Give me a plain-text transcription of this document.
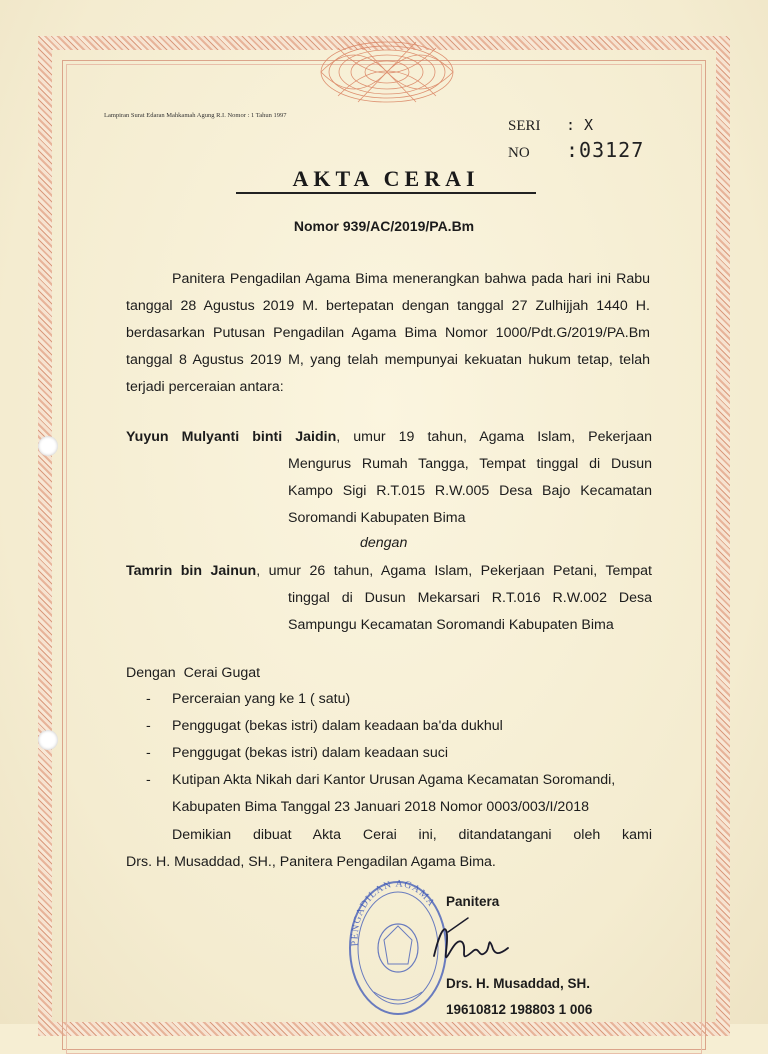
Lampiran Surat Edaran Mahkamah Agung R.I. Nomor : 1 Tahun 1997
SERI	: X
NO	:03127
AKTA CERAI
Nomor 939/AC/2019/PA.Bm
Panitera Pengadilan Agama Bima menerangkan bahwa pada hari ini Rabu tanggal 28 Agustus 2019 M. bertepatan dengan tanggal 27 Zulhijjah 1440 H. berdasarkan Putusan Pengadilan Agama Bima Nomor 1000/Pdt.G/2019/PA.Bm tanggal 8 Agustus 2019 M, yang telah mempunyai kekuatan hukum tetap, telah terjadi perceraian antara:
Yuyun Mulyanti binti Jaidin, umur 19 tahun, Agama Islam, Pekerjaan
Mengurus Rumah Tangga, Tempat tinggal di Dusun Kampo Sigi R.T.015 R.W.005 Desa Bajo Kecamatan Soromandi Kabupaten Bima
dengan
Tamrin bin Jainun, umur 26 tahun, Agama Islam, Pekerjaan Petani, Tempat
tinggal di Dusun Mekarsari R.T.016 R.W.002 Desa Sampungu Kecamatan Soromandi Kabupaten Bima
Dengan  Cerai Gugat
-	Perceraian yang ke 1 ( satu)
-	Penggugat (bekas istri) dalam keadaan ba'da dukhul
-	Penggugat (bekas istri) dalam keadaan suci
-	Kutipan Akta Nikah dari Kantor Urusan Agama Kecamatan Soromandi, Kabupaten Bima Tanggal 23 Januari 2018 Nomor 0003/003/I/2018
Demikian dibuat Akta Cerai ini, ditandatangani oleh kami
Drs. H. Musaddad, SH., Panitera Pengadilan Agama Bima.
PENGADILAN AGAMA Panitera
Drs. H. Musaddad, SH.
19610812 198803 1 006
